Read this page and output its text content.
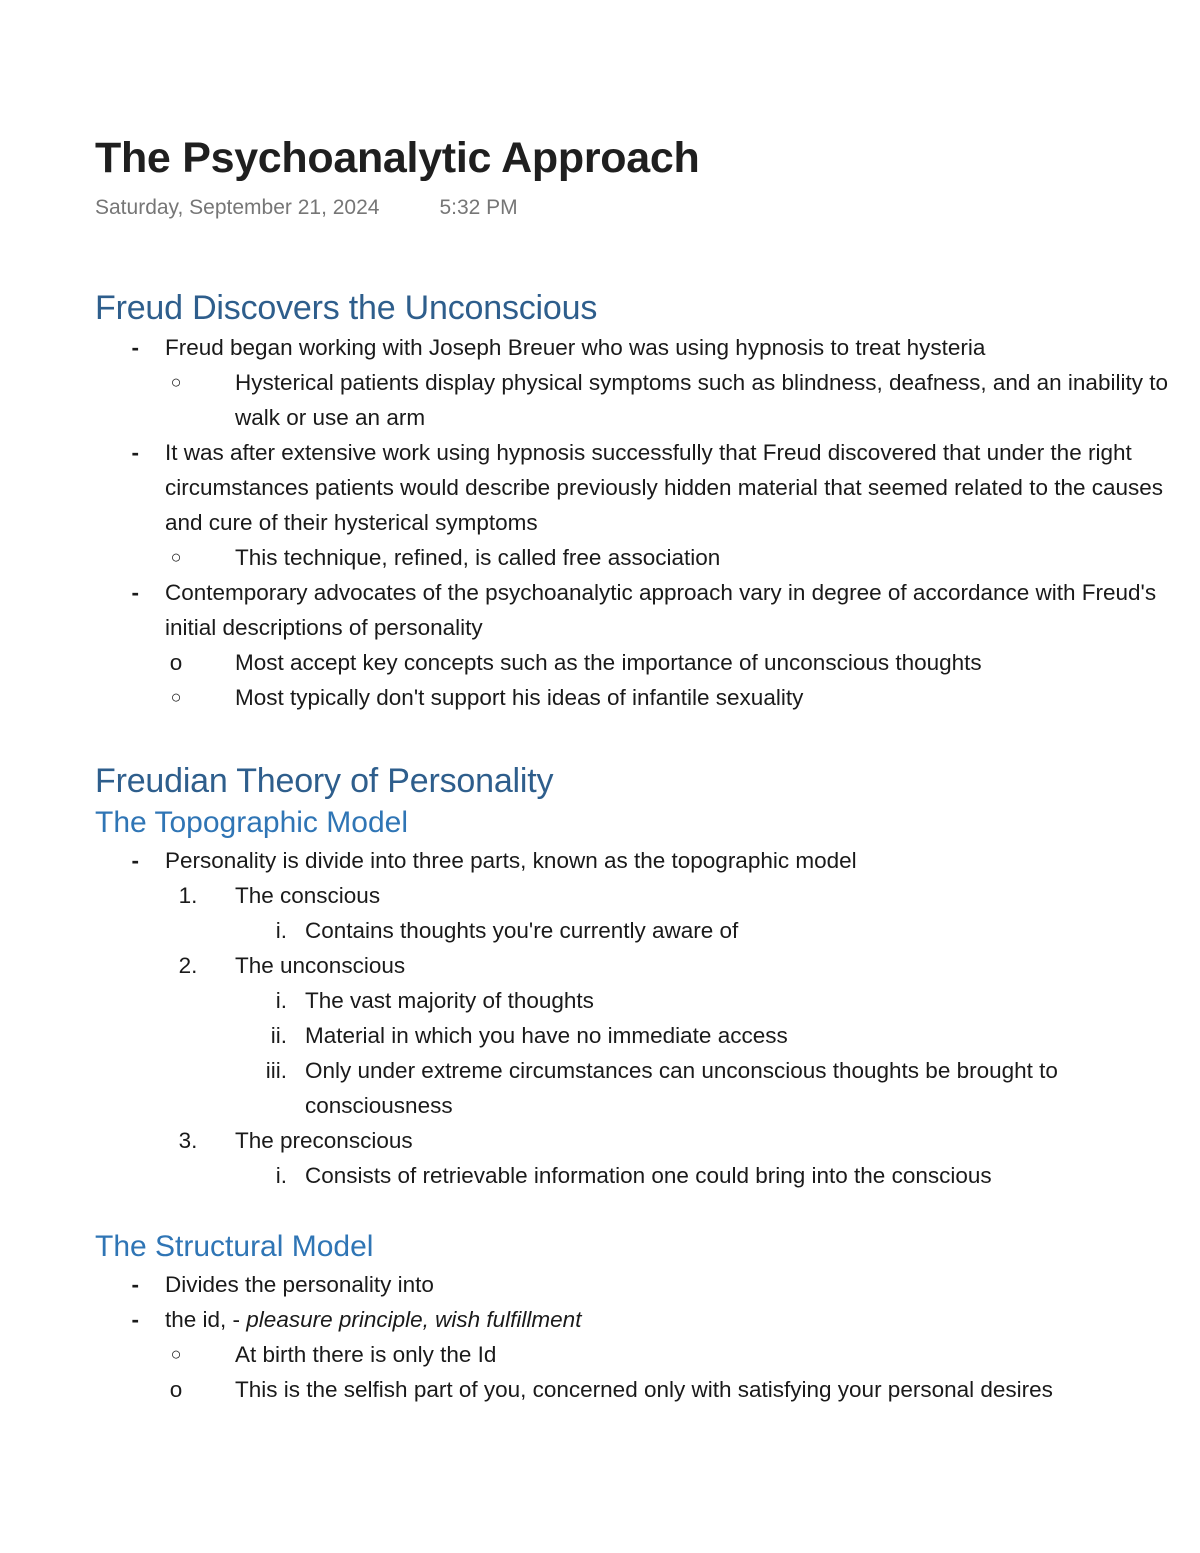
The Psychoanalytic Approach
Saturday, September 21, 2024	5:32 PM
Freud Discovers the Unconscious
- Freud began working with Joseph Breuer who was using hypnosis to treat hysteria
○ Hysterical patients display physical symptoms such as blindness, deafness, and an inability to walk or use an arm
- It was after extensive work using hypnosis successfully that Freud discovered that under the right circumstances patients would describe previously hidden material that seemed related to the causes and cure of their hysterical symptoms
○ This technique, refined, is called free association
- Contemporary advocates of the psychoanalytic approach vary in degree of accordance with Freud's initial descriptions of personality
o Most accept key concepts such as the importance of unconscious thoughts
○ Most typically don't support his ideas of infantile sexuality
Freudian Theory of Personality
The Topographic Model
- Personality is divide into three parts, known as the topographic model
1.	The conscious
i. Contains thoughts you're currently aware of
2.	The unconscious
i. The vast majority of thoughts
ii. Material in which you have no immediate access
iii. Only under extreme circumstances can unconscious thoughts be brought to consciousness
3.	The preconscious
i. Consists of retrievable information one could bring into the conscious
The Structural Model
- Divides the personality into
- the id, - pleasure principle, wish fulfillment
○ At birth there is only the Id
o This is the selfish part of you, concerned only with satisfying your personal desires
